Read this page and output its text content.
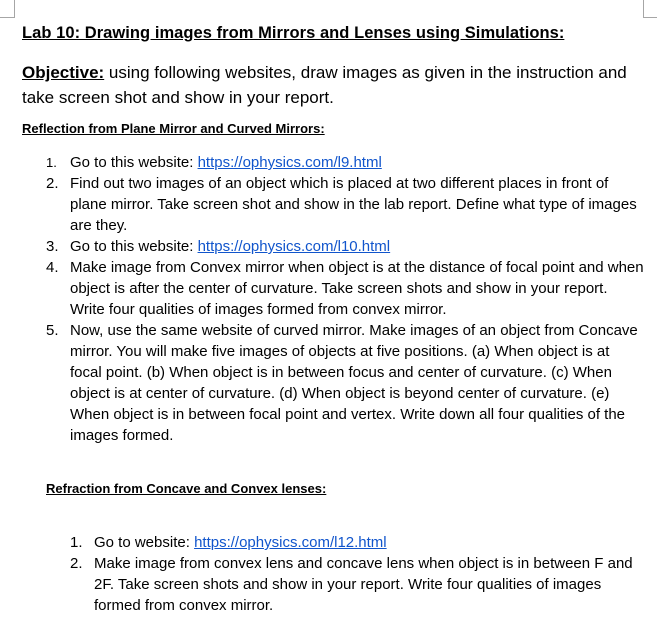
Lab 10: Drawing images from Mirrors and Lenses using Simulations:
Objective: using following websites, draw images as given in the instruction and take screen shot and show in your report.
Reflection from Plane Mirror and Curved Mirrors:
1. Go to this website: https://ophysics.com/l9.html
2. Find out two images of an object which is placed at two different places in front of plane mirror. Take screen shot and show in the lab report. Define what type of images are they.
3. Go to this website: https://ophysics.com/l10.html
4. Make image from Convex mirror when object is at the distance of focal point and when object is after the center of curvature. Take screen shots and show in your report. Write four qualities of images formed from convex mirror.
5. Now, use the same website of curved mirror. Make images of an object from Concave mirror. You will make five images of objects at five positions. (a) When object is at focal point. (b) When object is in between focus and center of curvature. (c) When object is at center of curvature. (d) When object is beyond center of curvature. (e) When object is in between focal point and vertex. Write down all four qualities of the images formed.
Refraction from Concave and Convex lenses:
1. Go to website: https://ophysics.com/l12.html
2. Make image from convex lens and concave lens when object is in between F and 2F. Take screen shots and show in your report. Write four qualities of images formed from convex mirror.
